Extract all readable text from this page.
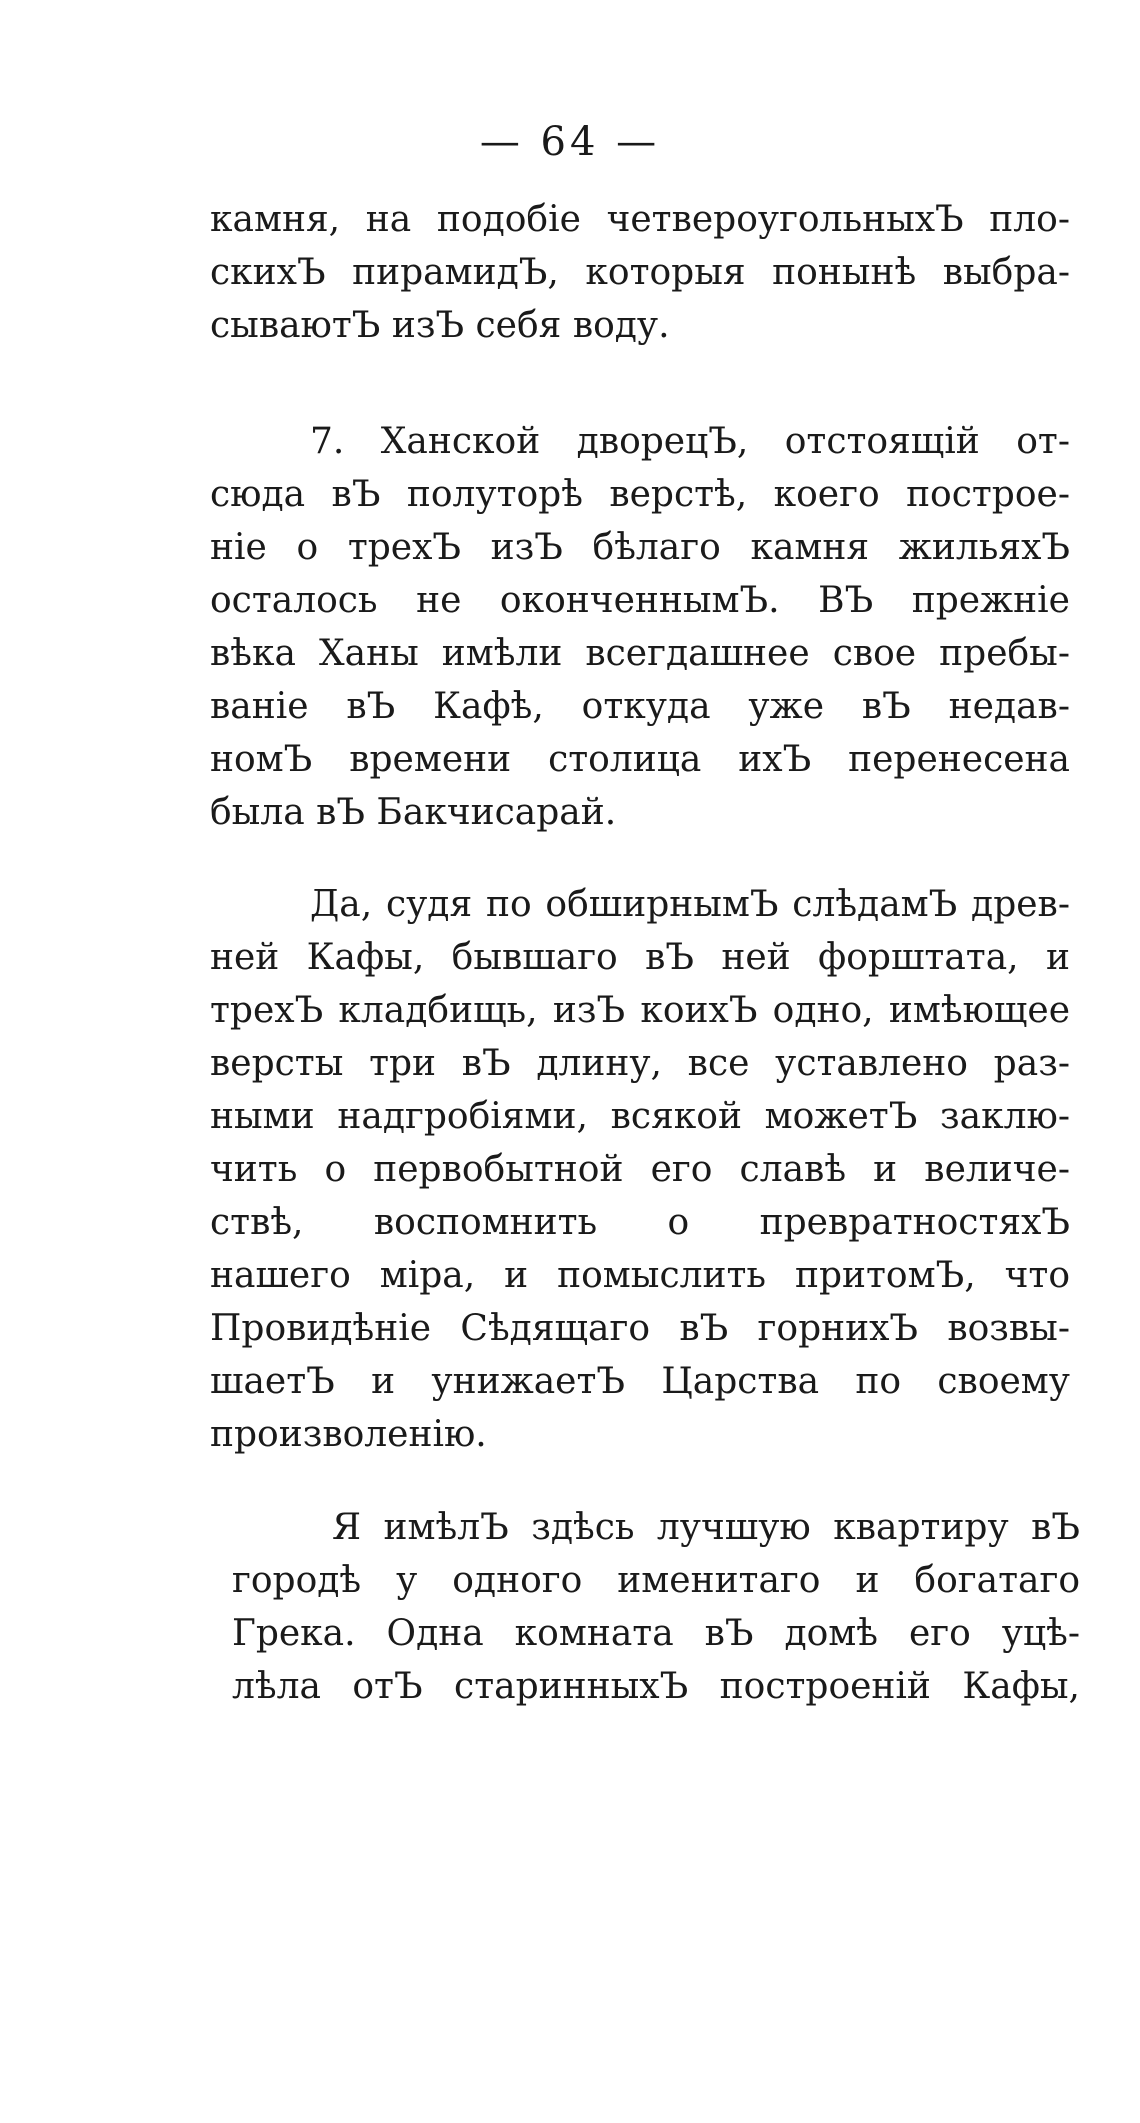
— 64 —
камня, на подобіе четвероугольныхЪ пло-
скихЪ пирамидЪ, которыя понынѣ выбра-
сываютЪ изЪ себя воду.
7. Ханской дворецЪ, отстоящій от-
сюда вЪ полуторѣ верстѣ, коего построе-
ніе о трехЪ изЪ бѣлаго камня жильяхЪ
осталось не оконченнымЪ. ВЪ прежніе
вѣка Ханы имѣли всегдашнее свое пребы-
ваніе вЪ Кафѣ, откуда уже вЪ недав-
номЪ времени столица ихЪ перенесена
была вЪ Бакчисарай.
Да, судя по обширнымЪ слѣдамЪ древ-
ней Кафы, бывшаго вЪ ней форштата, и
трехЪ кладбищь, изЪ коихЪ одно, имѣющее
версты три вЪ длину, все уставлено раз-
ными надгробіями, всякой можетЪ заклю-
чить о первобытной его славѣ и величе-
ствѣ, воспомнить о превратностяхЪ
нашего міра, и помыслить притомЪ, что
Провидѣніе Сѣдящаго вЪ горнихЪ возвы-
шаетЪ и унижаетЪ Царства по своему
произволенію.
Я имѣлЪ здѣсь лучшую квартиру вЪ
городѣ у одного именитаго и богатаго
Грека. Одна комната вЪ домѣ его уцѣ-
лѣла отЪ старинныхЪ построеній Кафы,
